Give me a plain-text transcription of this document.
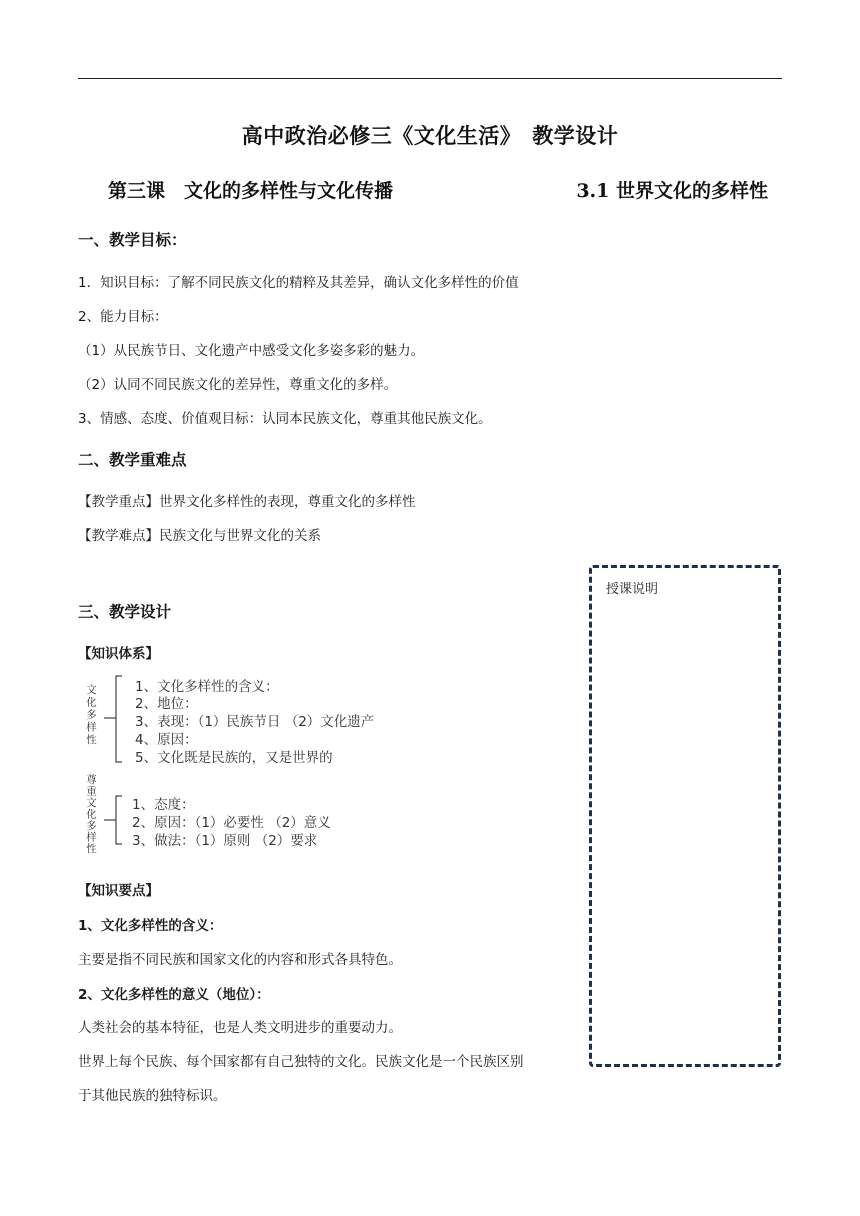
高中政治必修三《文化生活》　教学设计
第三课　文化的多样性与文化传播	3.1 世界文化的多样性
一、教学目标：
1．知识目标：了解不同民族文化的精粹及其差异，确认文化多样性的价值
2、能力目标：
（1）从民族节日、文化遗产中感受文化多姿多彩的魅力。
（2）认同不同民族文化的差异性，尊重文化的多样。
3、情感、态度、价值观目标：认同本民族文化，尊重其他民族文化。
二、教学重难点
【教学重点】世界文化多样性的表现，尊重文化的多样性
【教学难点】民族文化与世界文化的关系
三、教学设计
【知识体系】
文化多样性	1、文化多样性的含义：
2、地位：
3、表现：（1）民族节日 （2）文化遗产
4、原因：
5、文化既是民族的，又是世界的
尊重文化多样性	1、态度：
2、原因：（1）必要性 （2）意义
3、做法：（1）原则 （2）要求
【知识要点】
1、文化多样性的含义：
主要是指不同民族和国家文化的内容和形式各具特色。
2、文化多样性的意义（地位）：
人类社会的基本特征，也是人类文明进步的重要动力。
世界上每个民族、每个国家都有自己独特的文化。民族文化是一个民族区别
于其他民族的独特标识。
授课说明
